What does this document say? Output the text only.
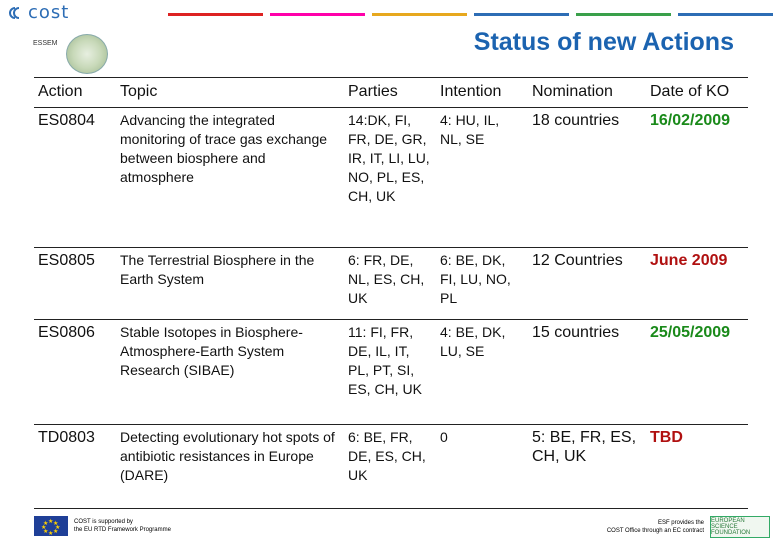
cost
ESSEM	Status of new Actions
Action	Topic	Parties	Intention	Nomination	Date of KO
ES0804	Advancing the integrated monitoring of trace gas exchange between biosphere and atmosphere	14:DK, FI, FR, DE, GR, IR, IT, LI, LU, NO, PL, ES, CH, UK	4: HU, IL, NL, SE	18 countries	16/02/2009
ES0805	The Terrestrial Biosphere in the Earth System	6: FR, DE, NL, ES, CH, UK	6: BE, DK, FI, LU, NO, PL	12 Countries	June 2009
ES0806	Stable Isotopes in Biosphere-Atmosphere-Earth System Research (SIBAE)	11: FI, FR, DE, IL, IT, PL, PT, SI, ES, CH, UK	4: BE, DK, LU, SE	15 countries	25/05/2009
TD0803	Detecting evolutionary hot spots of antibiotic resistances in Europe (DARE)	6: BE, FR, DE, ES, CH, UK	0	5: BE, FR, ES, CH, UK	TBD
★
★ ★
★ ★
★ ★
★
COST is supported by
the EU RTD Framework Programme
ESF provides the
COST Office through an EC contract
EUROPEAN SCIENCE FOUNDATION
